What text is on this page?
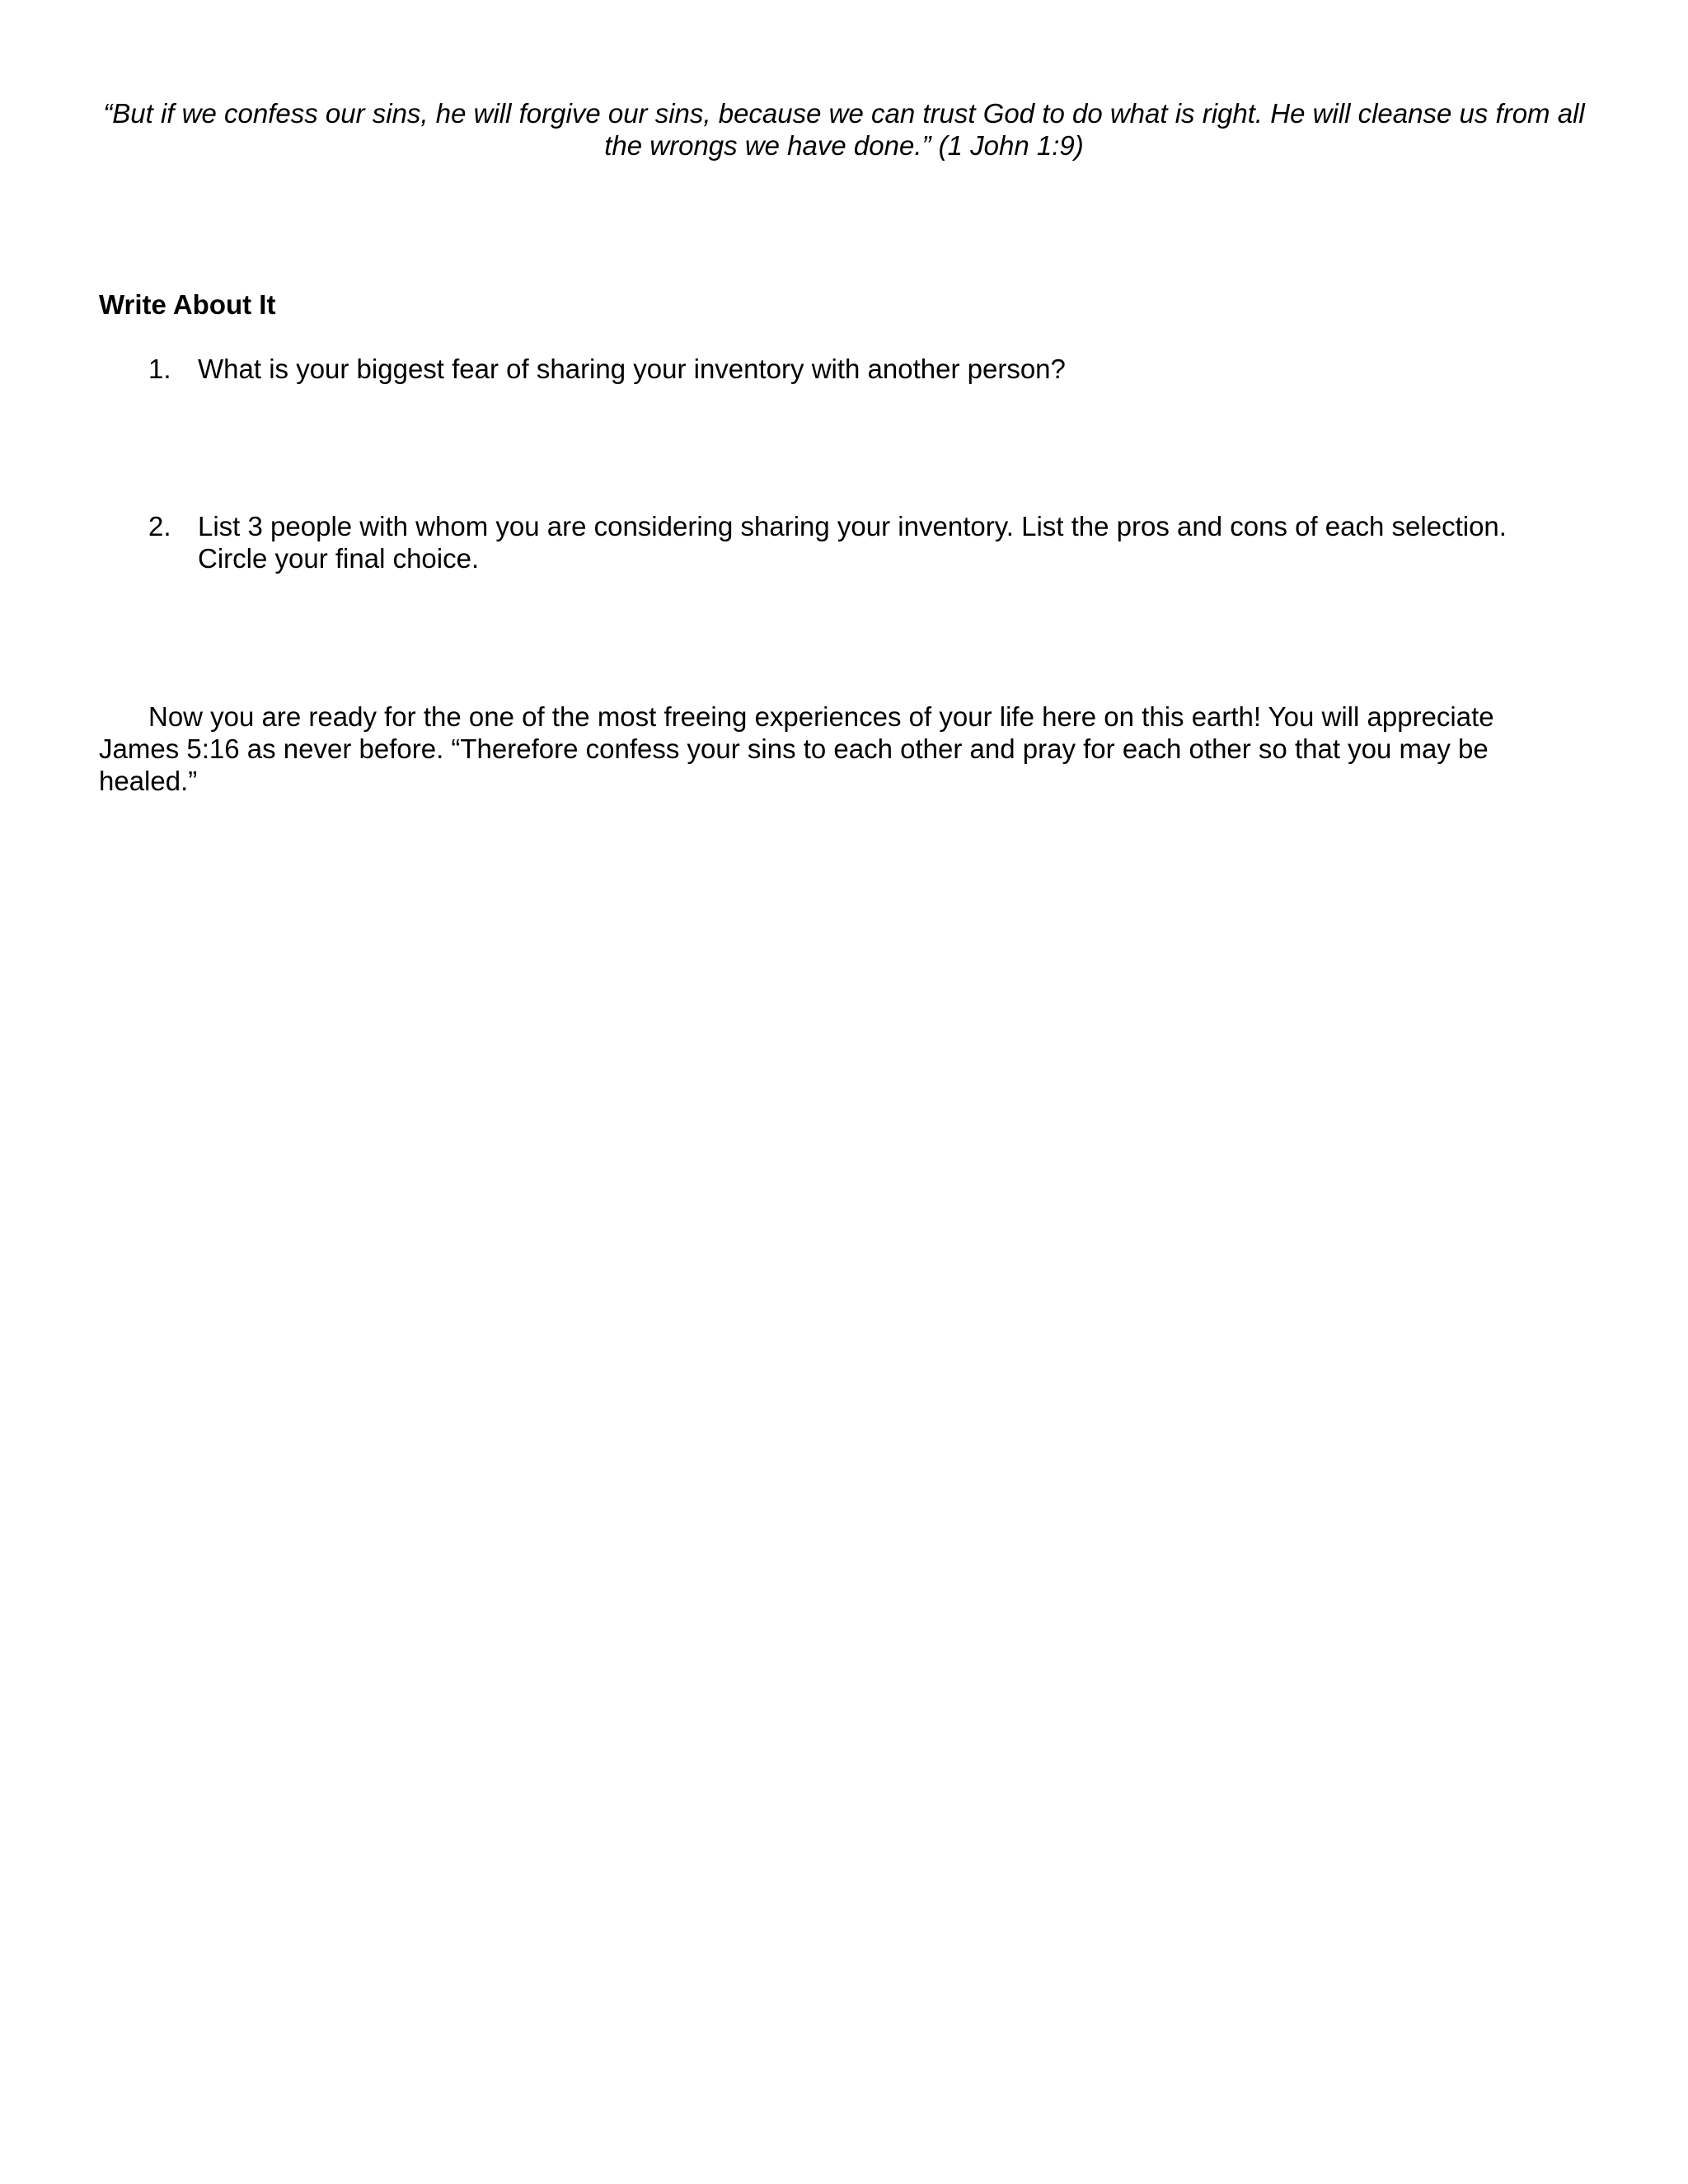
“But if we confess our sins, he will forgive our sins, because we can trust God to do what is right. He will cleanse us from all the wrongs we have done.” (1 John 1:9)
Write About It
1. What is your biggest fear of sharing your inventory with another person?
2. List 3 people with whom you are considering sharing your inventory. List the pros and cons of each selection. Circle your final choice.
Now you are ready for the one of the most freeing experiences of your life here on this earth! You will appreciate James 5:16 as never before. “Therefore confess your sins to each other and pray for each other so that you may be healed.”
